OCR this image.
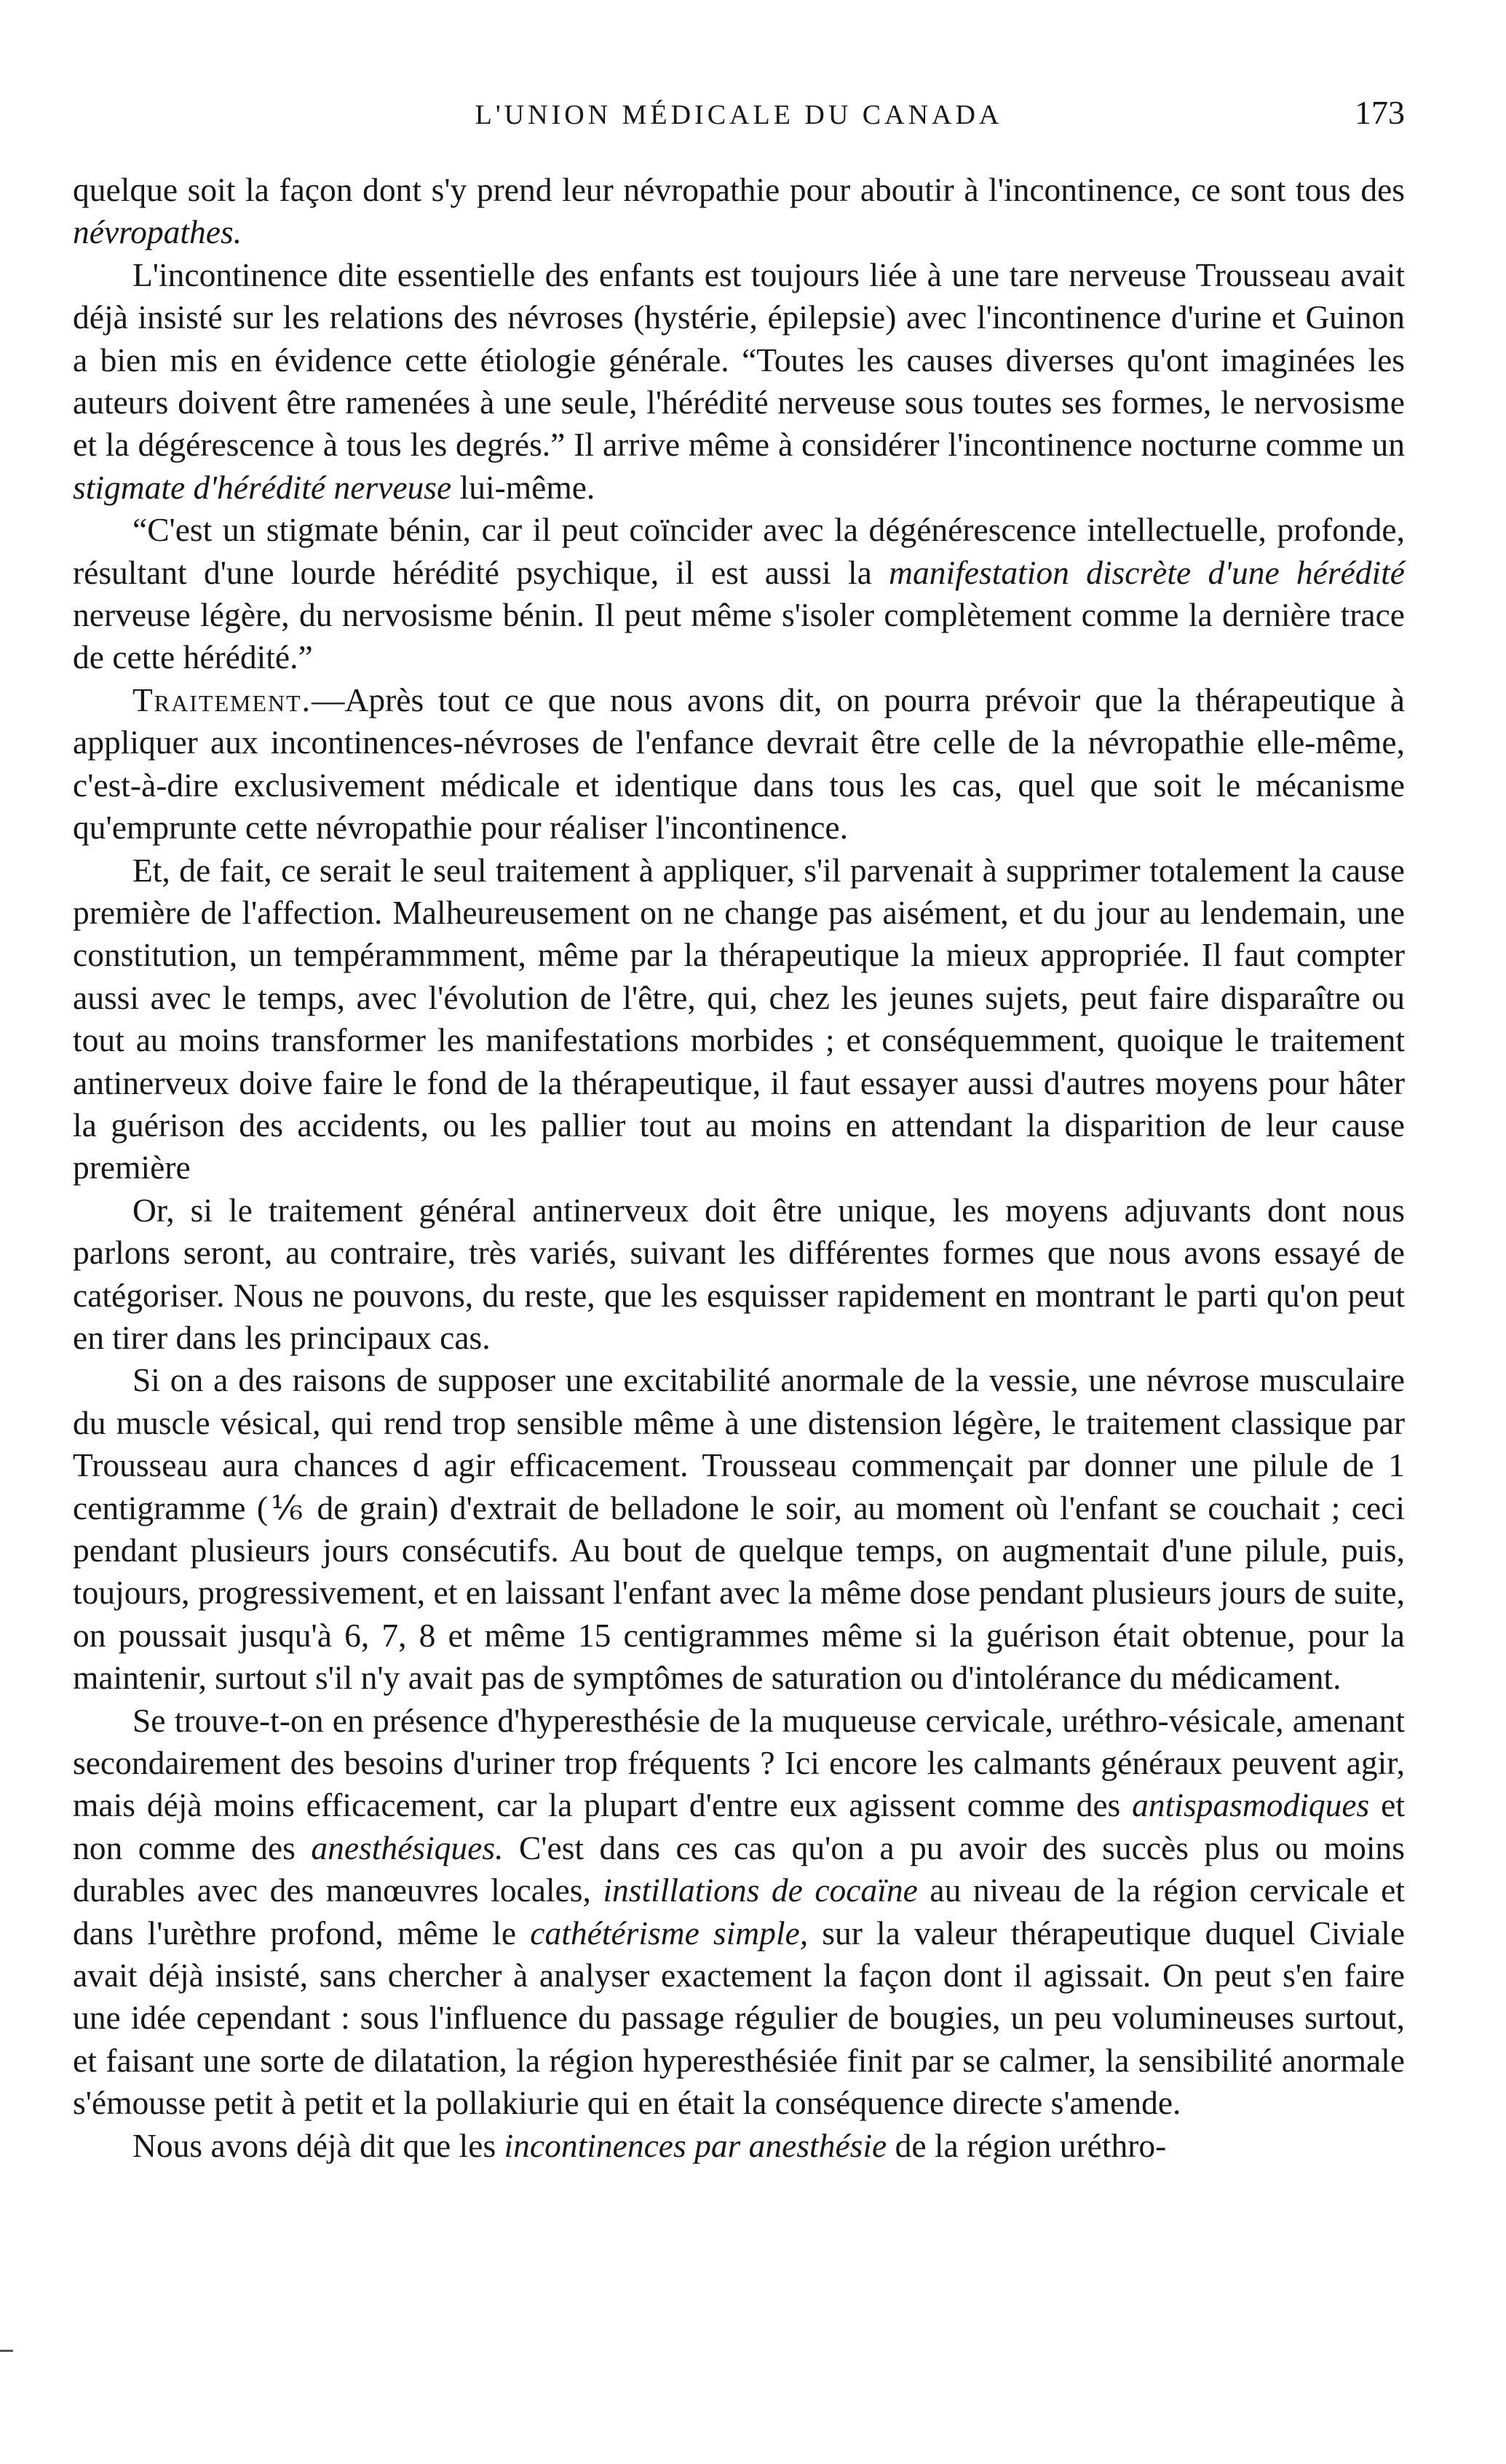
L'UNION MÉDICALE DU CANADA	173

quelque soit la façon dont s'y prend leur névropathie pour aboutir à l'incontinence, ce sont tous des névropathes.

L'incontinence dite essentielle des enfants est toujours liée à une tare nerveuse Trousseau avait déjà insisté sur les relations des névroses (hystérie, épilepsie) avec l'incontinence d'urine et Guinon a bien mis en évidence cette étiologie générale. “Toutes les causes diverses qu'ont imaginées les auteurs doivent être ramenées à une seule, l'hérédité nerveuse sous toutes ses formes, le nervosisme et la dégérescence à tous les degrés.” Il arrive même à considérer l'incontinence nocturne comme un stigmate d'hérédité nerveuse lui-même.

“C'est un stigmate bénin, car il peut coïncider avec la dégénérescence intellectuelle, profonde, résultant d'une lourde hérédité psychique, il est aussi la manifestation discrète d'une hérédité nerveuse légère, du nervosisme bénin. Il peut même s'isoler complètement comme la dernière trace de cette hérédité.”

Traitement.—Après tout ce que nous avons dit, on pourra prévoir que la thérapeutique à appliquer aux incontinences-névroses de l'enfance devrait être celle de la névropathie elle-même, c'est-à-dire exclusivement médicale et identique dans tous les cas, quel que soit le mécanisme qu'emprunte cette névropathie pour réaliser l'incontinence.

Et, de fait, ce serait le seul traitement à appliquer, s'il parvenait à supprimer totalement la cause première de l'affection. Malheureusement on ne change pas aisément, et du jour au lendemain, une constitution, un tempérammment, même par la thérapeutique la mieux appropriée. Il faut compter aussi avec le temps, avec l'évolution de l'être, qui, chez les jeunes sujets, peut faire disparaître ou tout au moins transformer les manifestations morbides ; et conséquemment, quoique le traitement antinerveux doive faire le fond de la thérapeutique, il faut essayer aussi d'autres moyens pour hâter la guérison des accidents, ou les pallier tout au moins en attendant la disparition de leur cause première

Or, si le traitement général antinerveux doit être unique, les moyens adjuvants dont nous parlons seront, au contraire, très variés, suivant les différentes formes que nous avons essayé de catégoriser. Nous ne pouvons, du reste, que les esquisser rapidement en montrant le parti qu'on peut en tirer dans les principaux cas.

Si on a des raisons de supposer une excitabilité anormale de la vessie, une névrose musculaire du muscle vésical, qui rend trop sensible même à une distension légère, le traitement classique par Trousseau aura chances d agir efficacement. Trousseau commençait par donner une pilule de 1 centigramme (⅙ de grain) d'extrait de belladone le soir, au moment où l'enfant se couchait ; ceci pendant plusieurs jours consécutifs. Au bout de quelque temps, on augmentait d'une pilule, puis, toujours, progressivement, et en laissant l'enfant avec la même dose pendant plusieurs jours de suite, on poussait jusqu'à 6, 7, 8 et même 15 centigrammes même si la guérison était obtenue, pour la maintenir, surtout s'il n'y avait pas de symptômes de saturation ou d'intolérance du médicament.

Se trouve-t-on en présence d'hyperesthésie de la muqueuse cervicale, uréthro-vésicale, amenant secondairement des besoins d'uriner trop fréquents ? Ici encore les calmants généraux peuvent agir, mais déjà moins efficacement, car la plupart d'entre eux agissent comme des antispasmodiques et non comme des anesthésiques. C'est dans ces cas qu'on a pu avoir des succès plus ou moins durables avec des manœuvres locales, instillations de cocaïne au niveau de la région cervicale et dans l'urèthre profond, même le cathétérisme simple, sur la valeur thérapeutique duquel Civiale avait déjà insisté, sans chercher à analyser exactement la façon dont il agissait. On peut s'en faire une idée cependant : sous l'influence du passage régulier de bougies, un peu volumineuses surtout, et faisant une sorte de dilatation, la région hyperesthésiée finit par se calmer, la sensibilité anormale s'émousse petit à petit et la pollakiurie qui en était la conséquence directe s'amende.

Nous avons déjà dit que les incontinences par anesthésie de la région uréthro-
